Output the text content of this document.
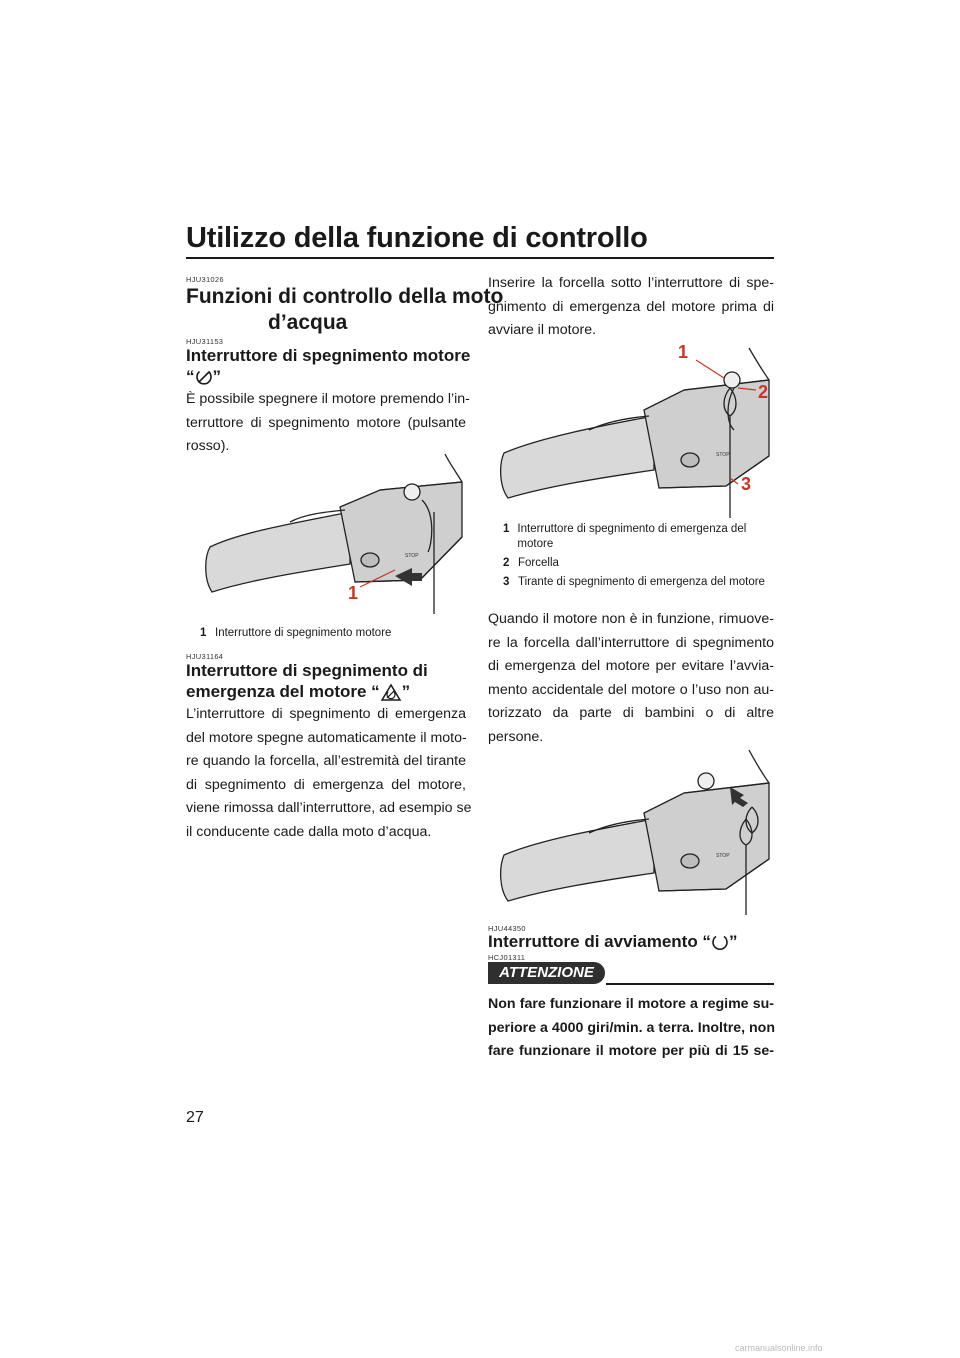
Utilizzo della funzione di controllo
HJU31026
Funzioni di controllo della moto
d’acqua
HJU31153
Interruttore di spegnimento motore
“ ”
È possibile spegnere il motore premendo l’in-
terruttore di spegnimento motore (pulsante
rosso).
STOP
1
1 Interruttore di spegnimento motore
HJU31164
Interruttore di spegnimento di
emergenza del motore “ ”
L’interruttore di spegnimento di emergenza
del motore spegne automaticamente il moto-
re quando la forcella, all’estremità del tirante
di spegnimento di emergenza del motore,
viene rimossa dall’interruttore, ad esempio se
il conducente cade dalla moto d’acqua.
Inserire la forcella sotto l’interruttore di spe-
gnimento di emergenza del motore prima di
avviare il motore.
STOP
1
2
3
1 Interruttore di spegnimento di emergenza del motore
2 Forcella
3 Tirante di spegnimento di emergenza del motore
Quando il motore non è in funzione, rimuove-
re la forcella dall’interruttore di spegnimento
di emergenza del motore per evitare l’avvia-
mento accidentale del motore o l’uso non au-
torizzato da parte di bambini o di altre
persone.
STOP
HJU44350
Interruttore di avviamento “ ”
HCJ01311
ATTENZIONE
Non fare funzionare il motore a regime su-
periore a 4000 giri/min. a terra. Inoltre, non
fare funzionare il motore per più di 15 se-
27
carmanualsonline.info
